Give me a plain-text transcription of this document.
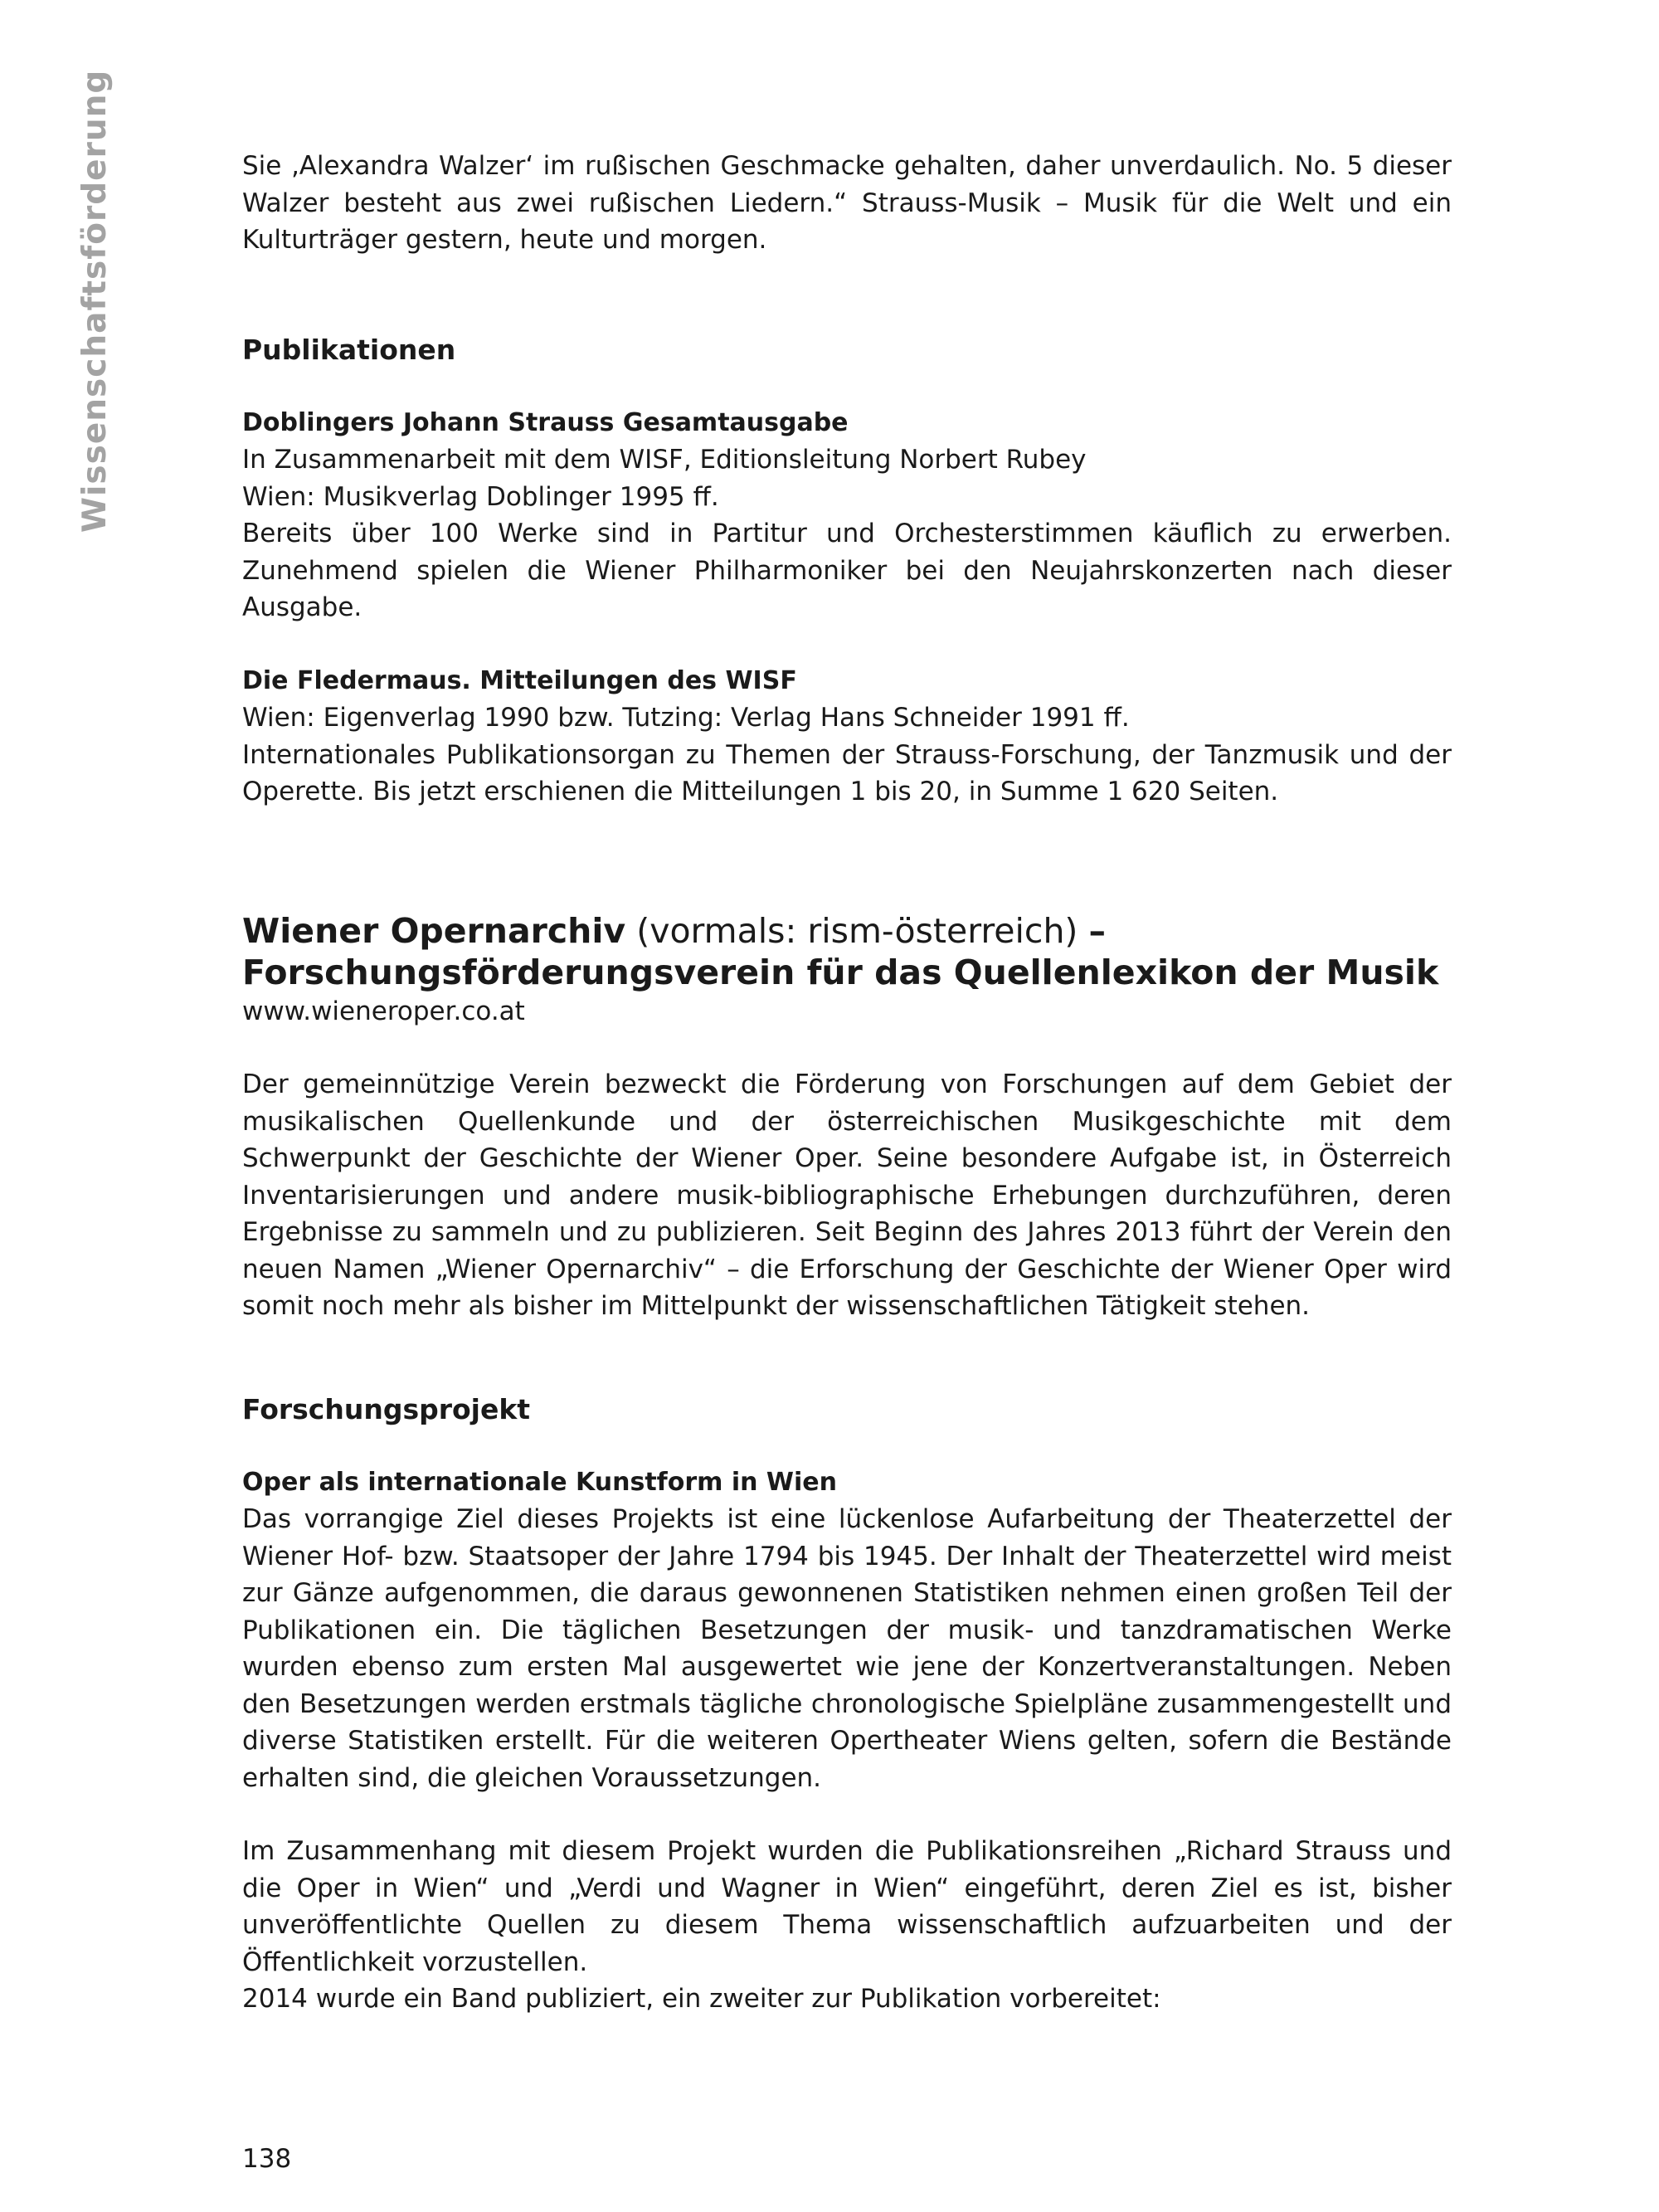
Wissenschaftsförderung	Sie ‚Alexandra Walzer‘ im rußischen Geschmacke gehalten, daher unverdaulich. No. 5 dieser Walzer besteht aus zwei rußischen Liedern.“ Strauss-Musik – Musik für die Welt und ein Kulturträger gestern, heute und morgen.

Publikationen
Doblingers Johann Strauss Gesamtausgabe

In Zusammenarbeit mit dem WISF, Editionsleitung Norbert Rubey

Wien: Musikverlag Doblinger 1995 ff.

Bereits über 100 Werke sind in Partitur und Orchesterstimmen käuflich zu erwerben. Zunehmend spielen die Wiener Philharmoniker bei den Neujahrskonzerten nach dieser Ausgabe.

Die Fledermaus. Mitteilungen des WISF

Wien: Eigenverlag 1990 bzw. Tutzing: Verlag Hans Schneider 1991 ff.

Internationales Publikationsorgan zu Themen der Strauss-Forschung, der Tanzmusik und der Operette. Bis jetzt erschienen die Mitteilungen 1 bis 20, in Summe 1 620 Seiten.

Wiener Opernarchiv (vormals: rism-österreich) –
Forschungsförderungsverein für das Quellenlexikon der Musik

www.wieneroper.co.at

Der gemeinnützige Verein bezweckt die Förderung von Forschungen auf dem Gebiet der musikalischen Quellenkunde und der österreichischen Musikgeschichte mit dem Schwerpunkt der Geschichte der Wiener Oper. Seine besondere Aufgabe ist, in Österreich Inventarisierungen und andere musik-bibliographische Erhebungen durchzuführen, deren Ergebnisse zu sammeln und zu publizieren. Seit Beginn des Jahres 2013 führt der Verein den neuen Namen „Wiener Opernarchiv“ – die Erforschung der Geschichte der Wiener Oper wird somit noch mehr als bisher im Mittelpunkt der wissenschaftlichen Tätigkeit stehen.

Forschungsprojekt
Oper als internationale Kunstform in Wien

Das vorrangige Ziel dieses Projekts ist eine lückenlose Aufarbeitung der Theaterzettel der Wiener Hof- bzw. Staatsoper der Jahre 1794 bis 1945. Der Inhalt der Theaterzettel wird meist zur Gänze aufgenommen, die daraus gewonnenen Statistiken nehmen einen großen Teil der Publikationen ein. Die täglichen Besetzungen der musik- und tanzdramatischen Werke wurden ebenso zum ersten Mal ausgewertet wie jene der Konzertveranstaltungen. Neben den Besetzungen werden erstmals tägliche chronologische Spielpläne zusammengestellt und diverse Statistiken erstellt. Für die weiteren Opertheater Wiens gelten, sofern die Bestände erhalten sind, die gleichen Voraussetzungen.

Im Zusammenhang mit diesem Projekt wurden die Publikationsreihen „Richard Strauss und die Oper in Wien“ und „Verdi und Wagner in Wien“ eingeführt, deren Ziel es ist, bisher unveröffentlichte Quellen zu diesem Thema wissenschaftlich aufzuarbeiten und der Öffentlichkeit vorzustellen.

2014 wurde ein Band publiziert, ein zweiter zur Publikation vorbereitet:

138
